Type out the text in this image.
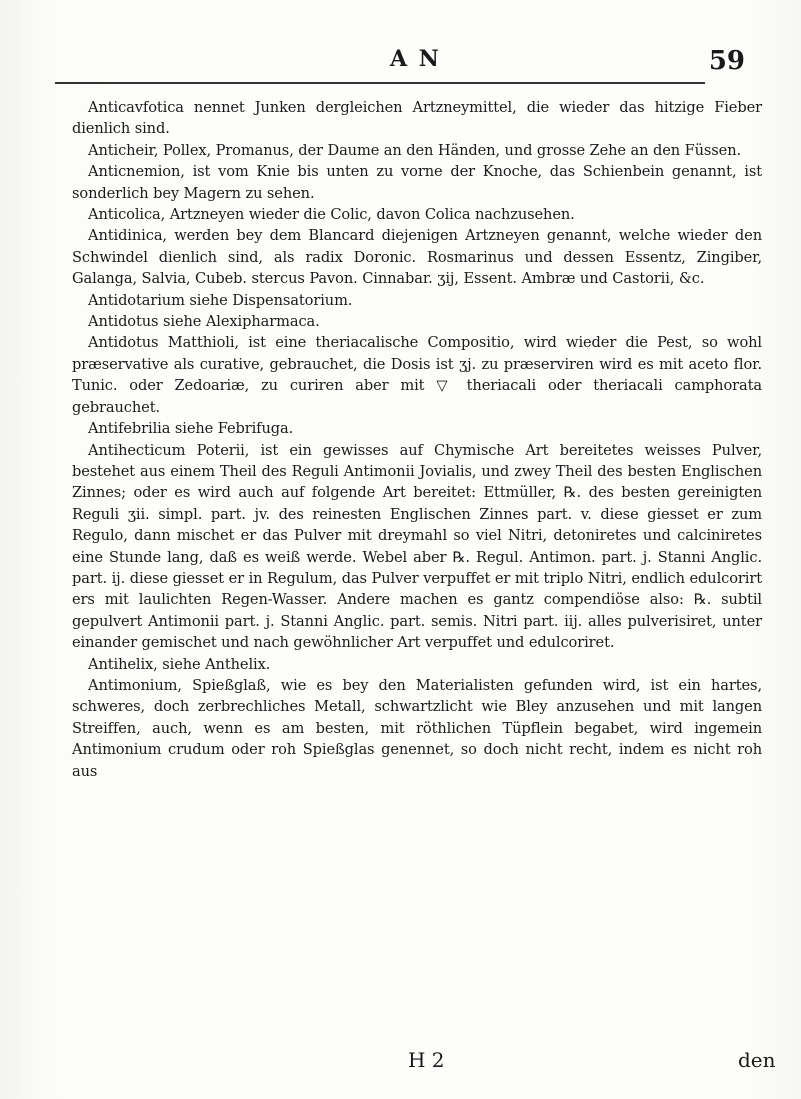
A N	59

Anticavfotica nennet Junken dergleichen Artzneymittel, die wieder das hitzige Fieber dienlich sind.

Anticheir, Pollex, Promanus, der Daume an den Händen, und grosse Zehe an den Füssen.

Anticnemion, ist vom Knie bis unten zu vorne der Knoche, das Schienbein genannt, ist sonderlich bey Magern zu sehen.

Anticolica, Artzneyen wieder die Colic, davon Colica nachzusehen.

Antidinica, werden bey dem Blancard diejenigen Artzneyen genannt, welche wieder den Schwindel dienlich sind, als radix Doronic. Rosmarinus und dessen Essentz, Zingiber, Galanga, Salvia, Cubeb. stercus Pavon. Cinnabar. ʒij, Essent. Ambræ und Castorii, &c.

Antidotarium siehe Dispensatorium.

Antidotus siehe Alexipharmaca.

Antidotus Matthioli, ist eine theriacalische Compositio, wird wieder die Pest, so wohl præservative als curative, gebrauchet, die Dosis ist ʒj. zu præserviren wird es mit aceto flor. Tunic. oder Zedoariæ, zu curiren aber mit ▽ theriacali oder theriacali camphorata gebrauchet.

Antifebrilia siehe Febrifuga.

Antihecticum Poterii, ist ein gewisses auf Chymische Art bereitetes weisses Pulver, bestehet aus einem Theil des Reguli Antimonii Jovialis, und zwey Theil des besten Englischen Zinnes; oder es wird auch auf folgende Art bereitet: Ettmüller, ℞. des besten gereinigten Reguli ʒii. simpl. part. jv. des reinesten Englischen Zinnes part. v. diese giesset er zum Regulo, dann mischet er das Pulver mit dreymahl so viel Nitri, detoniretes und calciniretes eine Stunde lang, daß es weiß werde. Webel aber ℞. Regul. Antimon. part. j. Stanni Anglic. part. ij. diese giesset er in Regulum, das Pulver verpuffet er mit triplo Nitri, endlich edulcorirt ers mit laulichten Regen-Wasser. Andere machen es gantz compendiöse also: ℞. subtil gepulvert Antimonii part. j. Stanni Anglic. part. semis. Nitri part. iij. alles pulverisiret, unter einander gemischet und nach gewöhnlicher Art verpuffet und edulcoriret.

Antihelix, siehe Anthelix.

Antimonium, Spießglaß, wie es bey den Materialisten gefunden wird, ist ein hartes, schweres, doch zerbrechliches Metall, schwartzlicht wie Bley anzusehen und mit langen Streiffen, auch, wenn es am besten, mit röthlichen Tüpflein begabet, wird ingemein Antimonium crudum oder roh Spießglas genennet, so doch nicht recht, indem es nicht roh aus

H 2	den
